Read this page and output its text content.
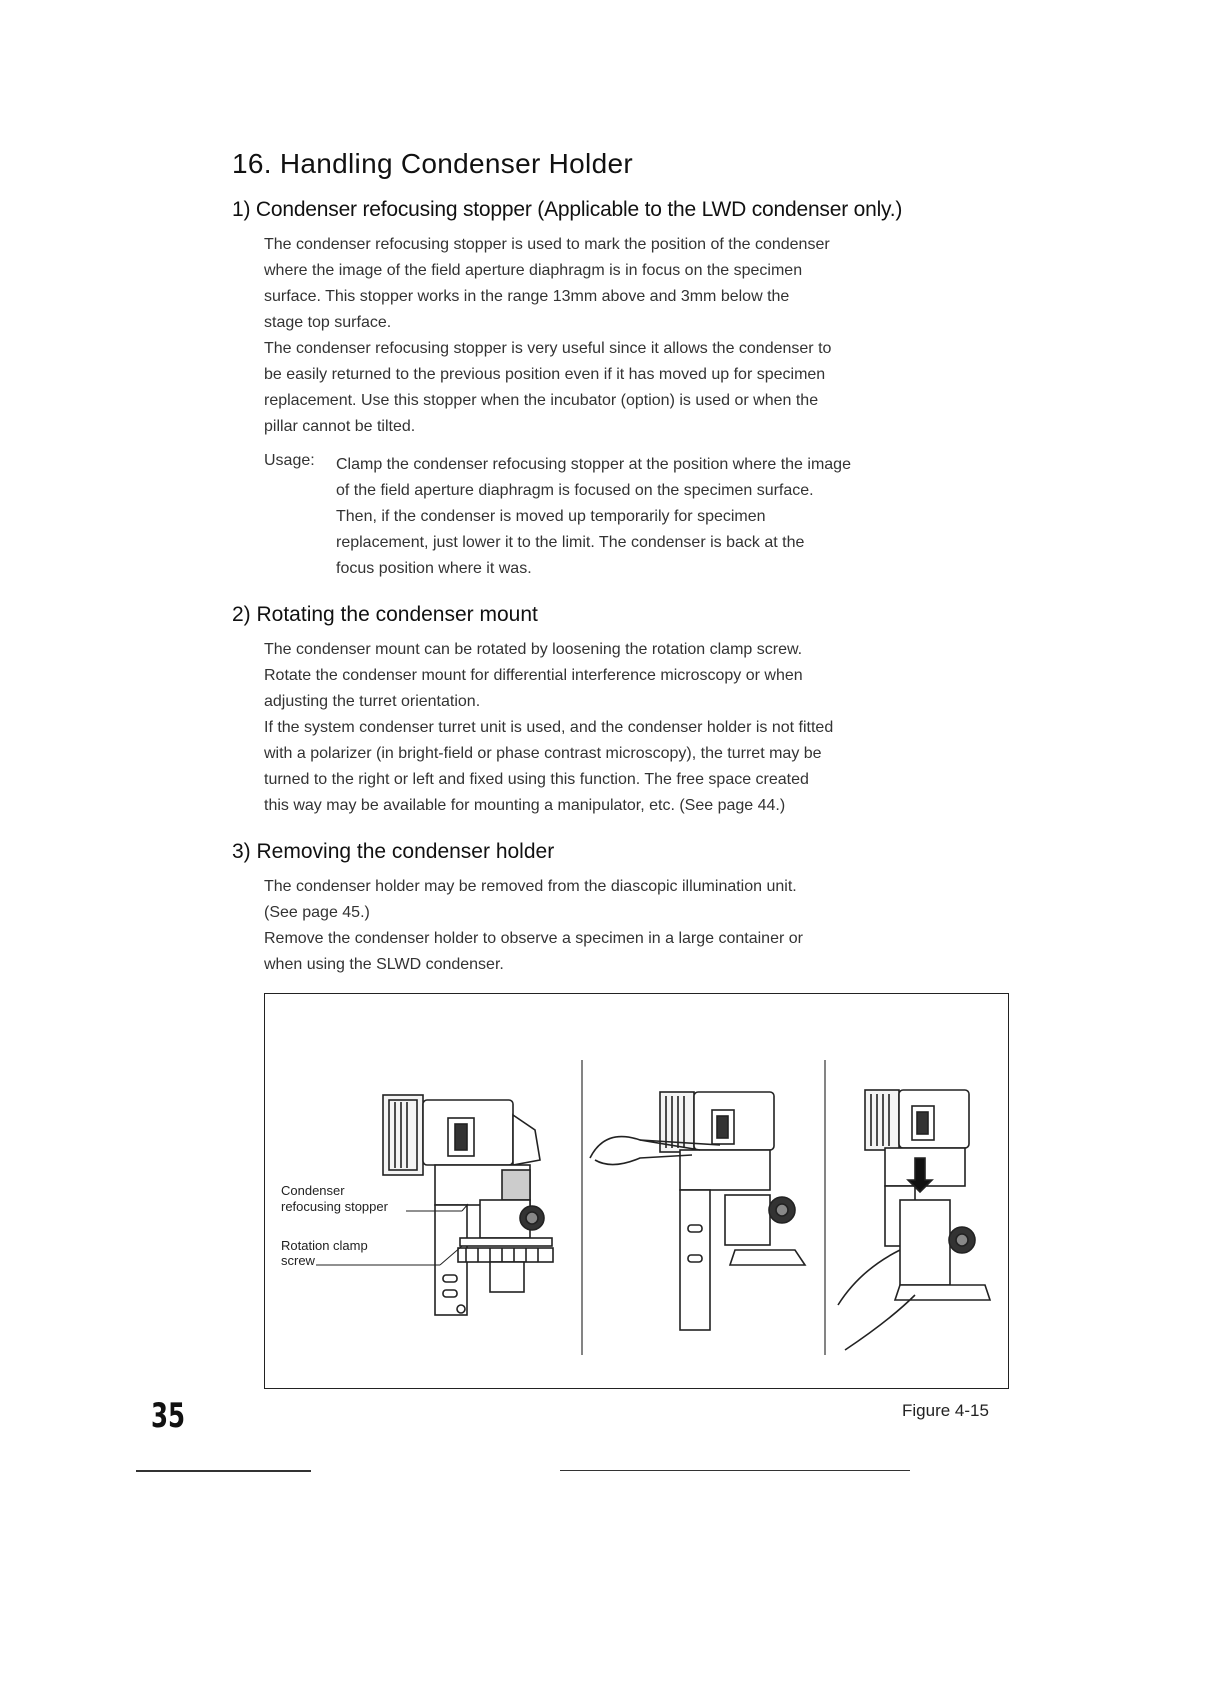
16. Handling Condenser Holder
1) Condenser refocusing stopper (Applicable to the LWD condenser only.)

The condenser refocusing stopper is used to mark the position of the condenser
where the image of the field aperture diaphragm is in focus on the specimen
surface. This stopper works in the range 13mm above and 3mm below the
stage top surface.

The condenser refocusing stopper is very useful since it allows the condenser to
be easily returned to the previous position even if it has moved up for specimen
replacement. Use this stopper when the incubator (option) is used or when the
pillar cannot be tilted.

Usage: Clamp the condenser refocusing stopper at the position where the image
of the field aperture diaphragm is focused on the specimen surface.
Then, if the condenser is moved up temporarily for specimen
replacement, just lower it to the limit. The condenser is back at the
focus position where it was.

2) Rotating the condenser mount

The condenser mount can be rotated by loosening the rotation clamp screw.
Rotate the condenser mount for differential interference microscopy or when
adjusting the turret orientation.

If the system condenser turret unit is used, and the condenser holder is not fitted
with a polarizer (in bright-field or phase contrast microscopy), the turret may be
turned to the right or left and fixed using this function. The free space created
this way may be available for mounting a manipulator, etc. (See page 44.)

3) Removing the condenser holder

The condenser holder may be removed from the diascopic illumination unit.
(See page 45.)

Remove the condenser holder to observe a specimen in a large container or
when using the SLWD condenser.

Condenser
refocusing stopper
Rotation clamp
screw
Figure 4-15
35
